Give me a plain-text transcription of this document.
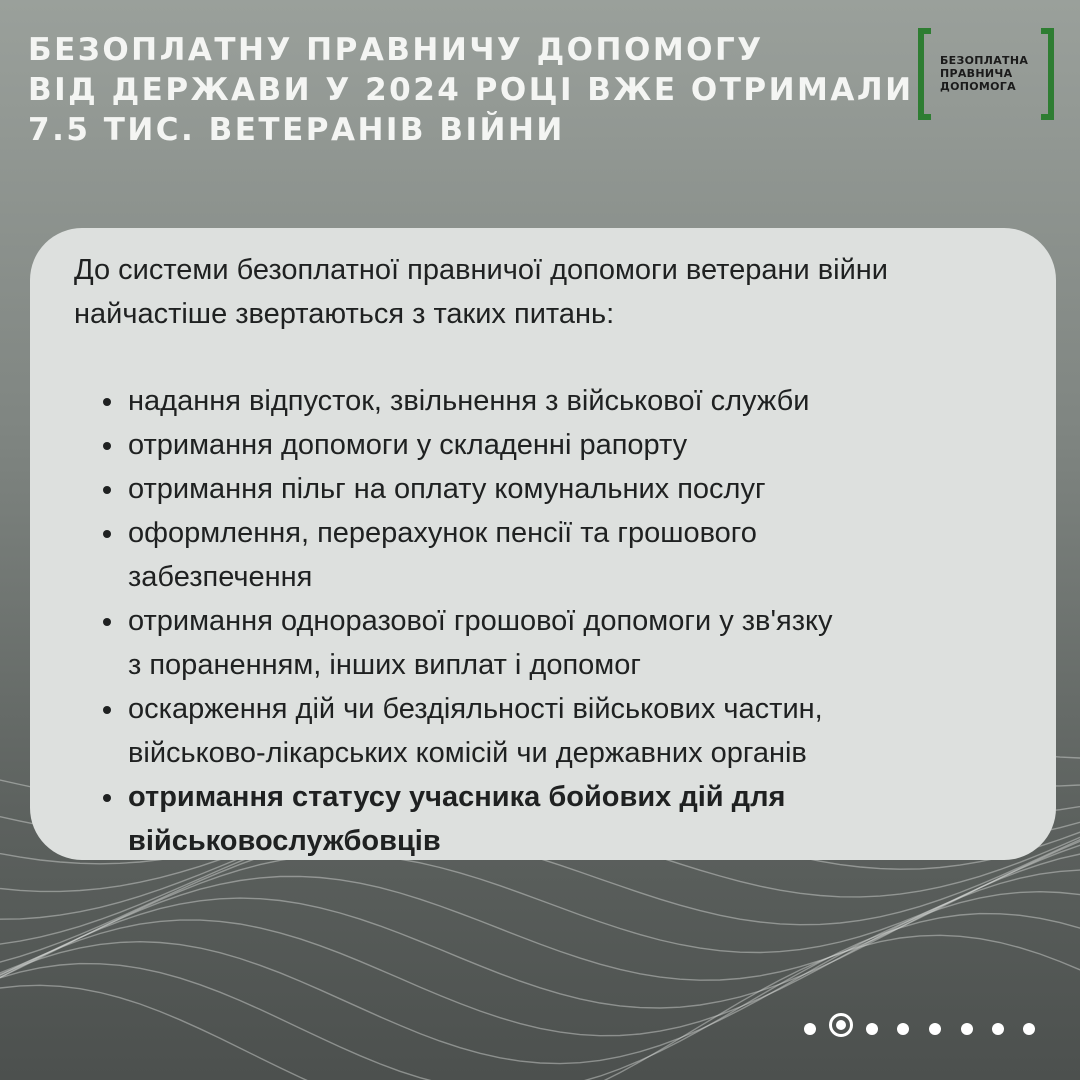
БЕЗОПЛАТНУ ПРАВНИЧУ ДОПОМОГУ
ВІД ДЕРЖАВИ У 2024 РОЦІ ВЖЕ ОТРИМАЛИ
7.5 ТИС. ВЕТЕРАНІВ ВІЙНИ
БЕЗОПЛАТНА
ПРАВНИЧА
ДОПОМОГА

До системи безоплатної правничої допомоги ветерани війни
найчастіше звертаються з таких питань:

надання відпусток, звільнення з військової служби
отримання допомоги у складенні рапорту
отримання пільг на оплату комунальних послуг
оформлення, перерахунок пенсії та грошового
забезпечення
отримання одноразової грошової допомоги у зв'язку
з пораненням, інших виплат і допомог
оскарження дій чи бездіяльності військових частин,
військово-лікарських комісій чи державних органів
отримання статусу учасника бойових дій для
військовослужбовців
